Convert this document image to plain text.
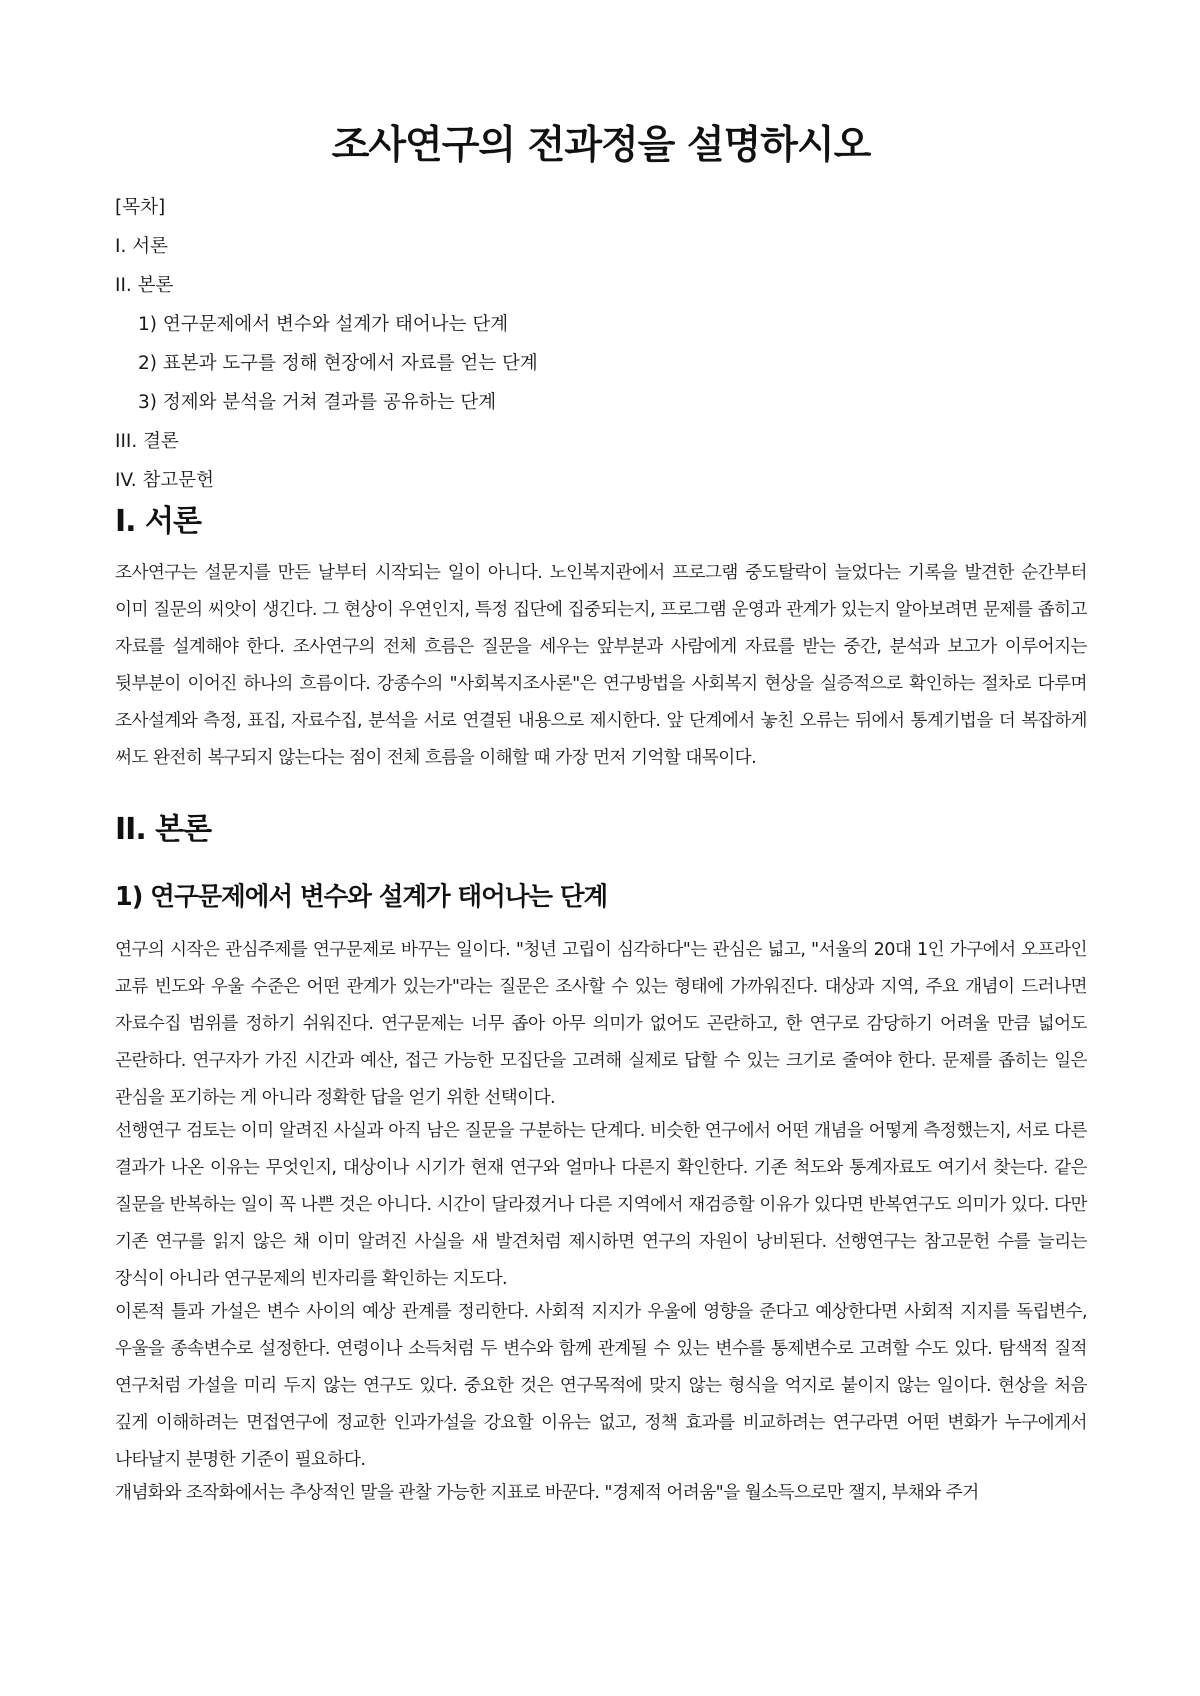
조사연구의 전과정을 설명하시오
[목차]
I. 서론
II. 본론
1) 연구문제에서 변수와 설계가 태어나는 단계
2) 표본과 도구를 정해 현장에서 자료를 얻는 단계
3) 정제와 분석을 거쳐 결과를 공유하는 단계
III. 결론
IV. 참고문헌
I. 서론

조사연구는 설문지를 만든 날부터 시작되는 일이 아니다. 노인복지관에서 프로그램 중도탈락이 늘었다는 기록을 발견한 순간부터 이미 질문의 씨앗이 생긴다. 그 현상이 우연인지, 특정 집단에 집중되는지, 프로그램 운영과 관계가 있는지 알아보려면 문제를 좁히고 자료를 설계해야 한다. 조사연구의 전체 흐름은 질문을 세우는 앞부분과 사람에게 자료를 받는 중간, 분석과 보고가 이루어지는 뒷부분이 이어진 하나의 흐름이다. 강종수의 "사회복지조사론"은 연구방법을 사회복지 현상을 실증적으로 확인하는 절차로 다루며 조사설계와 측정, 표집, 자료수집, 분석을 서로 연결된 내용으로 제시한다. 앞 단계에서 놓친 오류는 뒤에서 통계기법을 더 복잡하게 써도 완전히 복구되지 않는다는 점이 전체 흐름을 이해할 때 가장 먼저 기억할 대목이다.

II. 본론
1) 연구문제에서 변수와 설계가 태어나는 단계

연구의 시작은 관심주제를 연구문제로 바꾸는 일이다. "청년 고립이 심각하다"는 관심은 넓고, "서울의 20대 1인 가구에서 오프라인 교류 빈도와 우울 수준은 어떤 관계가 있는가"라는 질문은 조사할 수 있는 형태에 가까워진다. 대상과 지역, 주요 개념이 드러나면 자료수집 범위를 정하기 쉬워진다. 연구문제는 너무 좁아 아무 의미가 없어도 곤란하고, 한 연구로 감당하기 어려울 만큼 넓어도 곤란하다. 연구자가 가진 시간과 예산, 접근 가능한 모집단을 고려해 실제로 답할 수 있는 크기로 줄여야 한다. 문제를 좁히는 일은 관심을 포기하는 게 아니라 정확한 답을 얻기 위한 선택이다.

선행연구 검토는 이미 알려진 사실과 아직 남은 질문을 구분하는 단계다. 비슷한 연구에서 어떤 개념을 어떻게 측정했는지, 서로 다른 결과가 나온 이유는 무엇인지, 대상이나 시기가 현재 연구와 얼마나 다른지 확인한다. 기존 척도와 통계자료도 여기서 찾는다. 같은 질문을 반복하는 일이 꼭 나쁜 것은 아니다. 시간이 달라졌거나 다른 지역에서 재검증할 이유가 있다면 반복연구도 의미가 있다. 다만 기존 연구를 읽지 않은 채 이미 알려진 사실을 새 발견처럼 제시하면 연구의 자원이 낭비된다. 선행연구는 참고문헌 수를 늘리는 장식이 아니라 연구문제의 빈자리를 확인하는 지도다.

이론적 틀과 가설은 변수 사이의 예상 관계를 정리한다. 사회적 지지가 우울에 영향을 준다고 예상한다면 사회적 지지를 독립변수, 우울을 종속변수로 설정한다. 연령이나 소득처럼 두 변수와 함께 관계될 수 있는 변수를 통제변수로 고려할 수도 있다. 탐색적 질적 연구처럼 가설을 미리 두지 않는 연구도 있다. 중요한 것은 연구목적에 맞지 않는 형식을 억지로 붙이지 않는 일이다. 현상을 처음 깊게 이해하려는 면접연구에 정교한 인과가설을 강요할 이유는 없고, 정책 효과를 비교하려는 연구라면 어떤 변화가 누구에게서 나타날지 분명한 기준이 필요하다.

개념화와 조작화에서는 추상적인 말을 관찰 가능한 지표로 바꾼다. "경제적 어려움"을 월소득으로만 잴지, 부채와 주거
